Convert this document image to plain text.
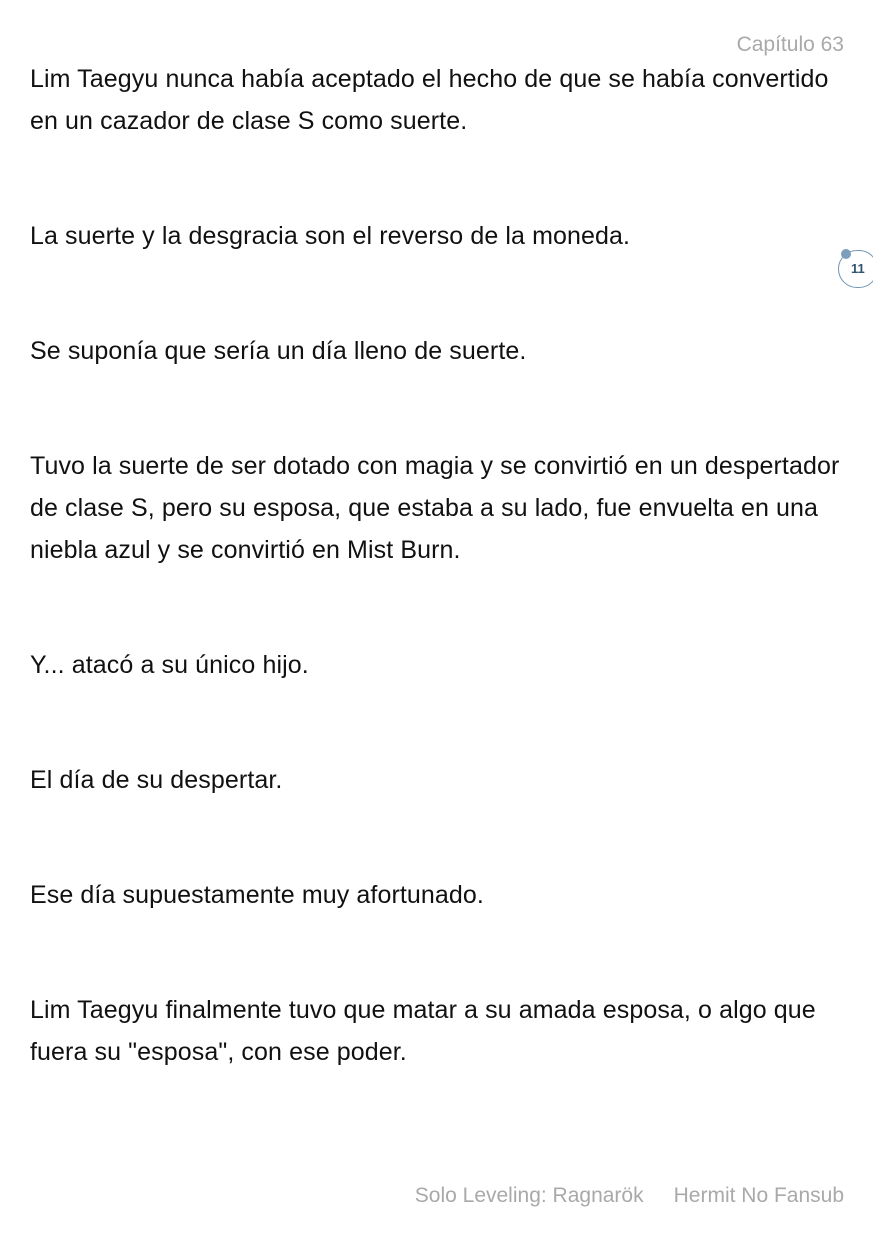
Capítulo 63
11

Lim Taegyu nunca había aceptado el hecho de que se había convertido en un cazador de clase S como suerte.

La suerte y la desgracia son el reverso de la moneda.

Se suponía que sería un día lleno de suerte.

Tuvo la suerte de ser dotado con magia y se convirtió en un despertador de clase S, pero su esposa, que estaba a su lado, fue envuelta en una niebla azul y se convirtió en Mist Burn.

Y... atacó a su único hijo.

El día de su despertar.

Ese día supuestamente muy afortunado.

Lim Taegyu finalmente tuvo que matar a su amada esposa, o algo que fuera su "esposa", con ese poder.

Solo Leveling: Ragnarök Hermit No Fansub
